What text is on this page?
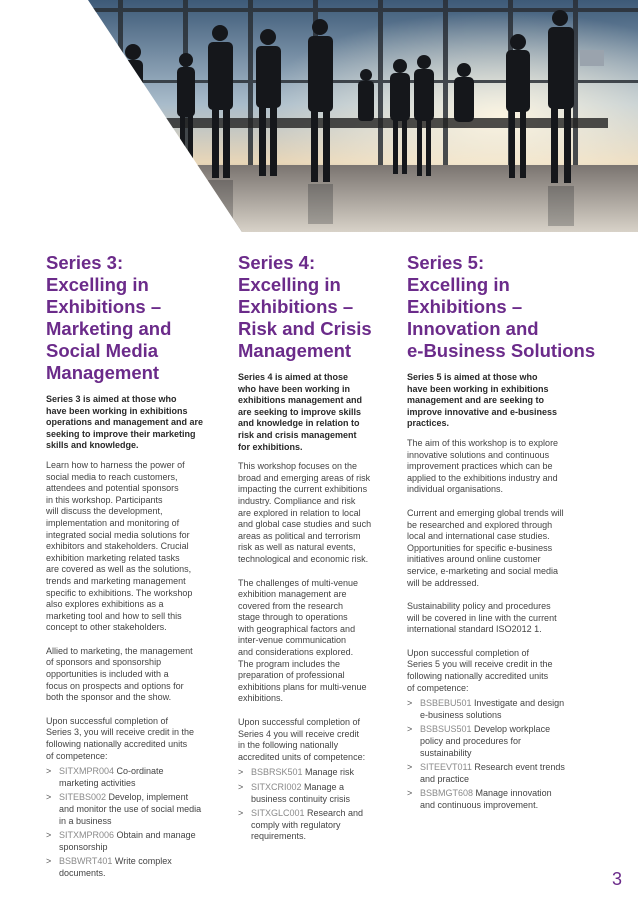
Series 3:
Excelling in
Exhibitions –
Marketing and
Social Media
Management
Series 3 is aimed at those who
have been working in exhibitions
operations and management and are
seeking to improve their marketing
skills and knowledge.
Learn how to harness the power of
social media to reach customers,
attendees and potential sponsors
in this workshop. Participants
will discuss the development,
implementation and monitoring of
integrated social media solutions for
exhibitors and stakeholders. Crucial
exhibition marketing related tasks
are covered as well as the solutions,
trends and marketing management
specific to exhibitions. The workshop
also explores exhibitions as a
marketing tool and how to sell this
concept to other stakeholders.
Allied to marketing, the management
of sponsors and sponsorship
opportunities is included with a
focus on prospects and options for
both the sponsor and the show.
Upon successful completion of
Series 3, you will receive credit in the
following nationally accredited units
of competence:
> SITXMPR004 Co-ordinate
marketing activities
> SITEBS002 Develop, implement
and monitor the use of social media
in a business
> SITXMPR006 Obtain and manage
sponsorship
> BSBWRT401 Write complex
documents.
Series 4:
Excelling in
Exhibitions –
Risk and Crisis
Management
Series 4 is aimed at those
who have been working in
exhibitions management and
are seeking to improve skills
and knowledge in relation to
risk and crisis management
for exhibitions.
This workshop focuses on the
broad and emerging areas of risk
impacting the current exhibitions
industry. Compliance and risk
are explored in relation to local
and global case studies and such
areas as political and terrorism
risk as well as natural events,
technological and economic risk.
The challenges of multi-venue
exhibition management are
covered from the research
stage through to operations
with geographical factors and
inter-venue communication
and considerations explored.
The program includes the
preparation of professional
exhibitions plans for multi-venue
exhibitions.
Upon successful completion of
Series 4 you will receive credit
in the following nationally
accredited units of competence:
> BSBRSK501 Manage risk
> SITXCRI002 Manage a
business continuity crisis
> SITXGLC001 Research and
comply with regulatory
requirements.
Series 5:
Excelling in
Exhibitions –
Innovation and
e-Business Solutions
Series 5 is aimed at those who
have been working in exhibitions
management and are seeking to
improve innovative and e-business
practices.
The aim of this workshop is to explore
innovative solutions and continuous
improvement practices which can be
applied to the exhibitions industry and
individual organisations.
Current and emerging global trends will
be researched and explored through
local and international case studies.
Opportunities for specific e-business
initiatives around online customer
service, e-marketing and social media
will be addressed.
Sustainability policy and procedures
will be covered in line with the current
international standard ISO2012 1.
Upon successful completion of
Series 5 you will receive credit in the
following nationally accredited units
of competence:
> BSBEBU501 Investigate and design
e-business solutions
> BSBSUS501 Develop workplace
policy and procedures for
sustainability
> SITEEVT011 Research event trends
and practice
> BSBMGT608 Manage innovation
and continuous improvement.
3
